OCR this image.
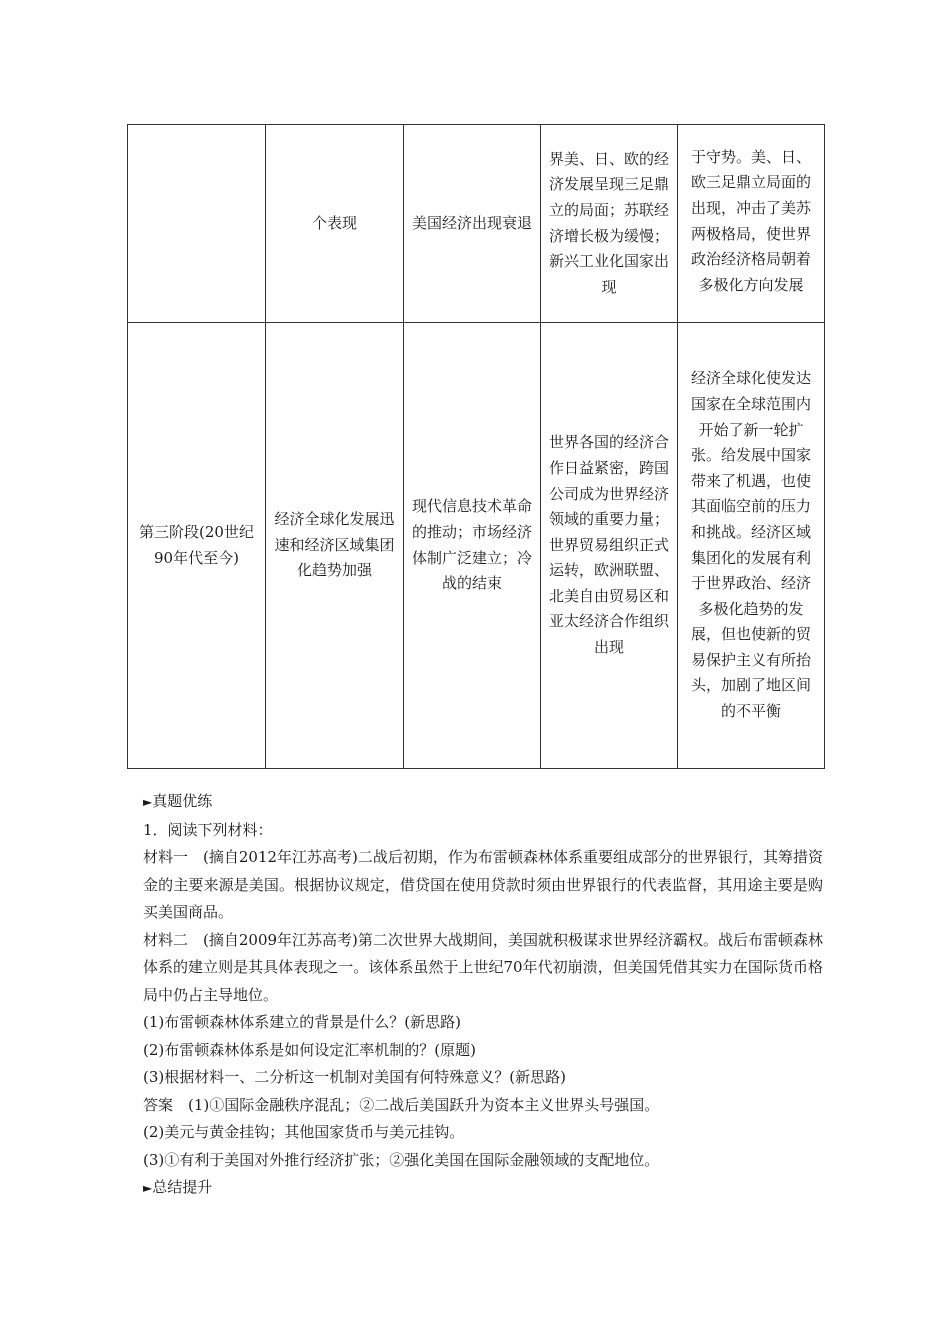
	个表现	美国经济出现衰退	界美、日、欧的经济发展呈现三足鼎立的局面；苏联经济增长极为缓慢；新兴工业化国家出现	于守势。美、日、欧三足鼎立局面的出现，冲击了美苏两极格局，使世界政治经济格局朝着多极化方向发展

第三阶段(20世纪90年代至今)	经济全球化发展迅速和经济区域集团化趋势加强	现代信息技术革命的推动；市场经济体制广泛建立；冷战的结束	世界各国的经济合作日益紧密，跨国公司成为世界经济领域的重要力量；世界贸易组织正式运转，欧洲联盟、北美自由贸易区和亚太经济合作组织出现	经济全球化使发达国家在全球范围内开始了新一轮扩张。给发展中国家带来了机遇，也使其面临空前的压力和挑战。经济区域集团化的发展有利于世界政治、经济多极化趋势的发展，但也使新的贸易保护主义有所抬头，加剧了地区间的不平衡

►真题优练

1．阅读下列材料：

材料一　(摘自2012年江苏高考)二战后初期，作为布雷顿森林体系重要组成部分的世界银行，其筹措资金的主要来源是美国。根据协议规定，借贷国在使用贷款时须由世界银行的代表监督，其用途主要是购买美国商品。

材料二　(摘自2009年江苏高考)第二次世界大战期间，美国就积极谋求世界经济霸权。战后布雷顿森林体系的建立则是其具体表现之一。该体系虽然于上世纪70年代初崩溃，但美国凭借其实力在国际货币格局中仍占主导地位。

(1)布雷顿森林体系建立的背景是什么？(新思路)

(2)布雷顿森林体系是如何设定汇率机制的？(原题)

(3)根据材料一、二分析这一机制对美国有何特殊意义？(新思路)

答案　(1)①国际金融秩序混乱；②二战后美国跃升为资本主义世界头号强国。

(2)美元与黄金挂钩；其他国家货币与美元挂钩。

(3)①有利于美国对外推行经济扩张；②强化美国在国际金融领域的支配地位。

►总结提升
